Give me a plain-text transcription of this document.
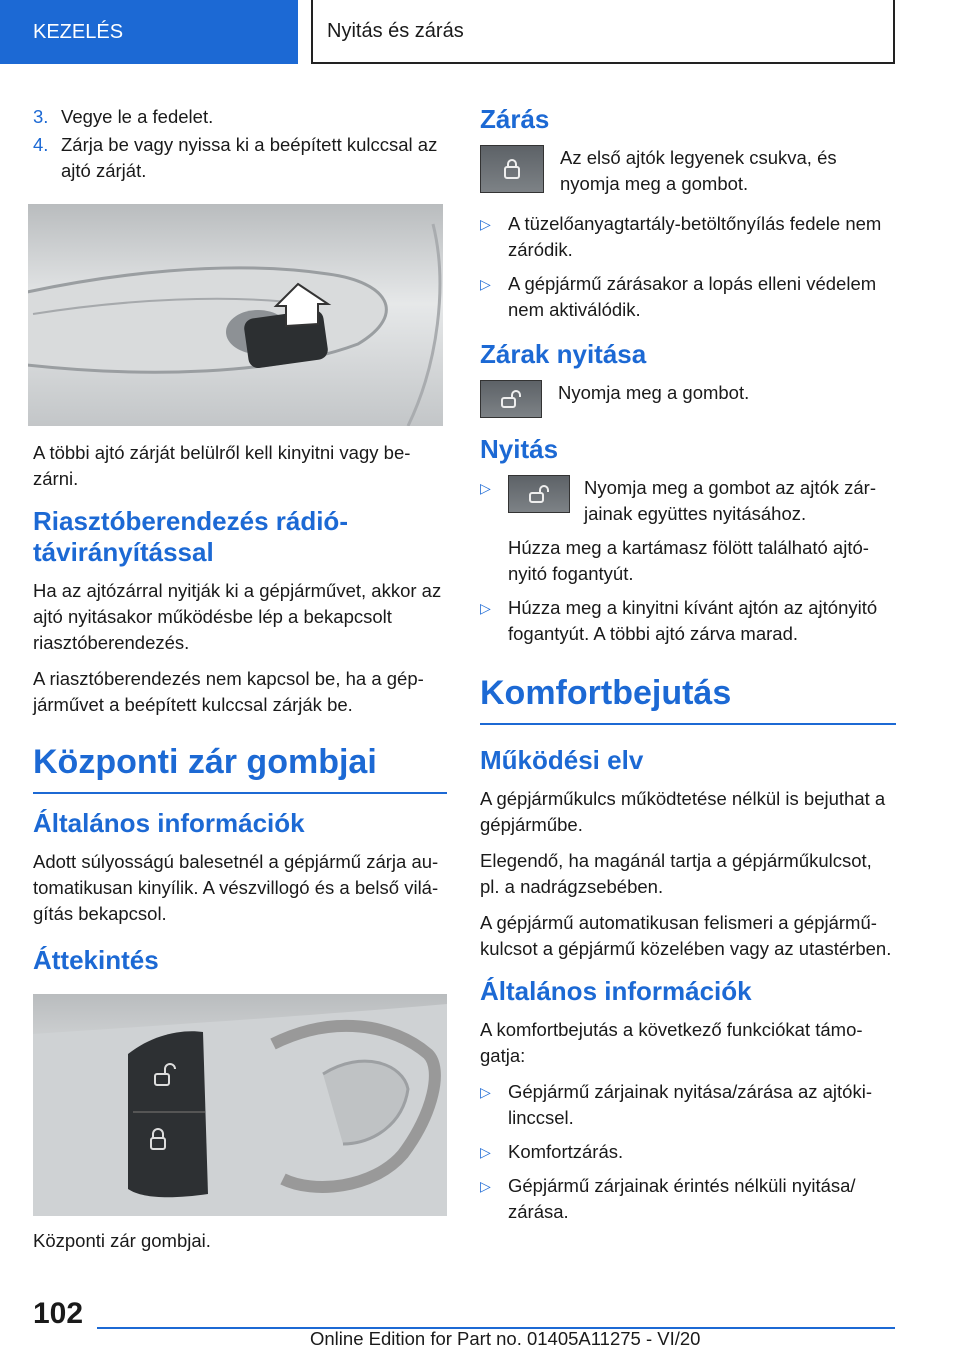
KEZELÉS	Nyitás és zárás
3. Vegye le a fedelet.
4. Zárja be vagy nyissa ki a beépített kulccsal az ajtó zárját.

A többi ajtó zárját belülről kell kinyitni vagy bezárni.

Riasztóberendezés rádiótávirányítással

Ha az ajtózárral nyitják ki a gépjárművet, akkor az ajtó nyitásakor működésbe lép a bekapcsolt riasztóberendezés.

A riasztóberendezés nem kapcsol be, ha a gépjárművet a beépített kulccsal zárják be.

Központi zár gombjai
Általános információk

Adott súlyosságú balesetnél a gépjármű zárja automatikusan kinyílik. A vészvillogó és a belső világítás bekapcsol.

Áttekintés

Központi zár gombjai.

Zárás
Az első ajtók legyenek csukva, és nyomja meg a gombot.
▷ A tüzelőanyagtartály-betöltőnyílás fedele nem záródik.
▷ A gépjármű zárásakor a lopás elleni védelem nem aktiválódik.
Zárak nyitása
Nyomja meg a gombot.
Nyitás
▷	Nyomja meg a gombot az ajtók zárjainak együttes nyitásához.
Húzza meg a kartámasz fölött található ajtónyitó fogantyút.
▷ Húzza meg a kinyitni kívánt ajtón az ajtónyitó fogantyút. A többi ajtó zárva marad.
Komfortbejutás
Működési elv

A gépjárműkulcs működtetése nélkül is bejuthat a gépjárműbe.

Elegendő, ha magánál tartja a gépjárműkulcsot, pl. a nadrágzsebében.

A gépjármű automatikusan felismeri a gépjárműkulcsot a gépjármű közelében vagy az utastérben.

Általános információk

A komfortbejutás a következő funkciókat támogatja:

▷ Gépjármű zárjainak nyitása/zárása az ajtókilinccsel.
▷ Komfortzárás.
▷ Gépjármű zárjainak érintés nélküli nyitása/ zárása.
102
Online Edition for Part no. 01405A11275 - VI/20
